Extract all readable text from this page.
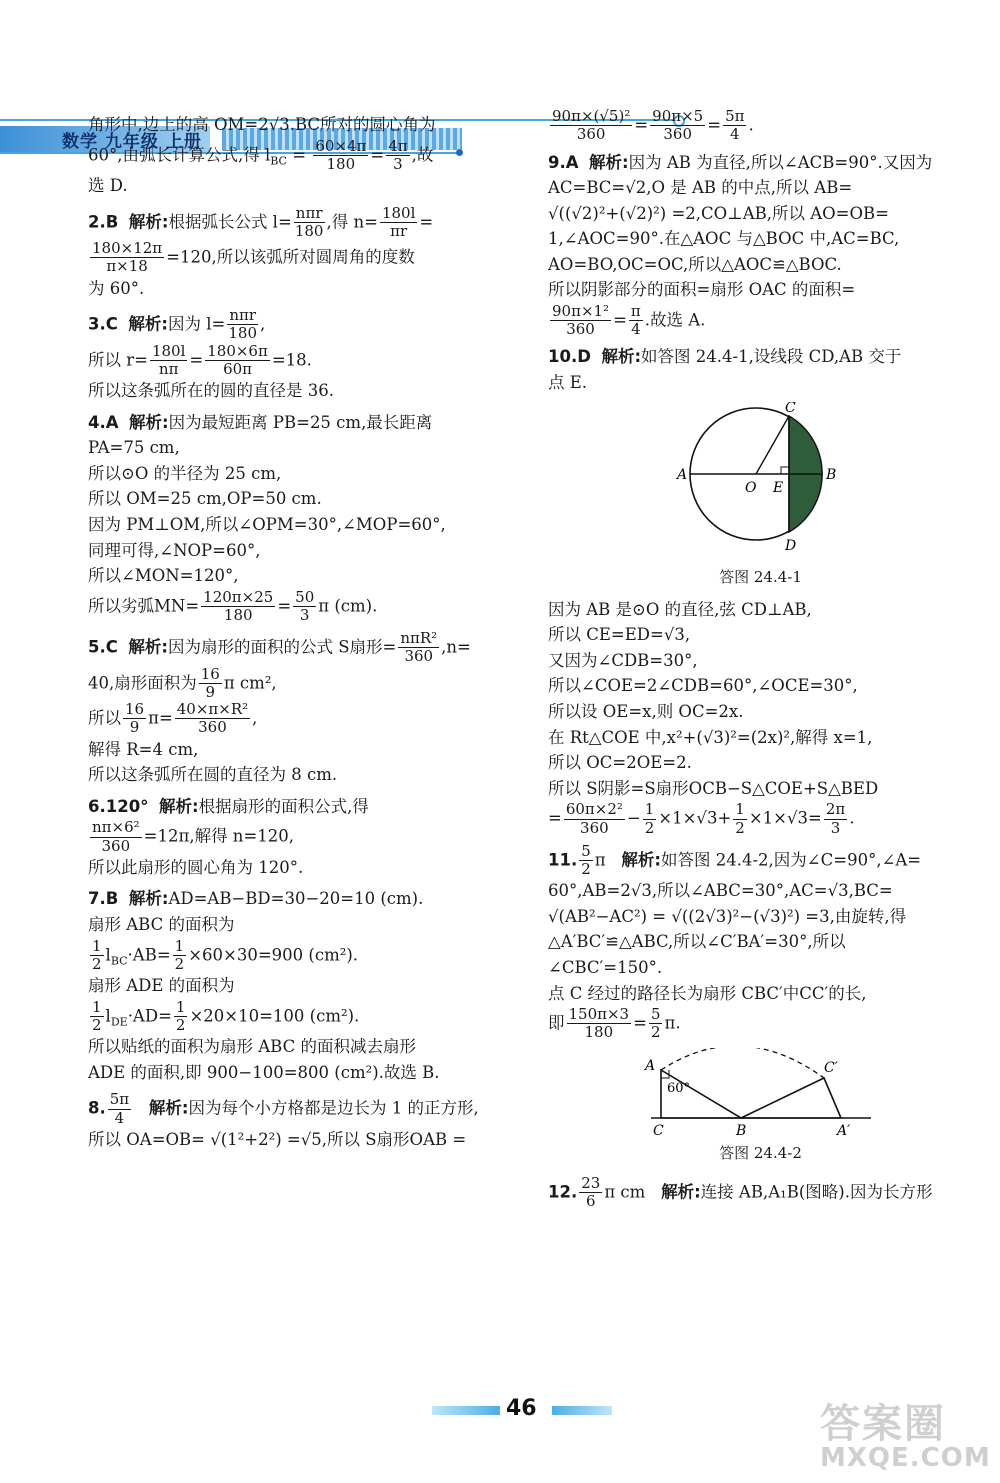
数学 九年级 上册

角形中,边上的高 OM=2√3.BC所对的圆心角为
60°,由弧长计算公式,得 $l_{BC} = \frac{60\times 4\pi}{180} = \frac{4\pi}{3}$ ,故
选 D.

2.B 解析:根据弧长公式 $l= \frac{\text{nπr}}{180}$ ,得 $n= \frac{180l}{\pi r}$ =

$\frac{180\times 12\pi}{\pi\times 18} =120$,所以该弧所对圆周角的度数
为 60°.

3.C 解析:因为 $l= \frac{\text{nπr}}{180}$ ,
所以 $r= \frac{180l}{n\pi} = \frac{180\times 6\pi}{60\pi} =18$.
所以这条弧所在的圆的直径是 36.

4.A 解析:因为最短距离 PB=25 cm,最长距离
PA=75 cm,
所以⊙O 的半径为 25 cm,
所以 OM=25 cm,OP=50 cm.
因为 PM⊥OM,所以∠OPM=30°,∠MOP=60°,
同理可得,∠NOP=60°,
所以∠MON=120°,
所以劣弧$MN= \frac{120\pi\times 25}{180} = \frac{50}{3}$ π (cm).

5.C 解析:因为扇形的面积的公式 S扇形= $\frac{\text{nπR²}}{360} ,n=$
40,扇形面积为 $\frac{16}{9}$ π cm²,
所以 $\frac{16}{9} \pi= \frac{\text{40×π×R²}}{360}$ ,
解得 R=4 cm,
所以这条弧所在圆的直径为 8 cm.

6.120° 解析:根据扇形的面积公式,得

$\frac{\text{nπ×6²}}{360} =12\pi$,解得 n=120,
所以此扇形的圆心角为 120°.

7.B 解析:AD=AB−BD=30−20=10 (cm).
扇形 ABC 的面积为

$\frac{1}{2} l_{BC}\cdot AB= \frac{1}{2} \times 60\times 30=900$ (cm²).
扇形 ADE 的面积为

$\frac{1}{2} l_{DE}\cdot AD= \frac{1}{2} \times 20\times 10=100$ (cm²).
所以贴纸的面积为扇形 ABC 的面积减去扇形
ADE 的面积,即 900−100=800 (cm²).故选 B.

8. $\frac{5\pi}{4}$ 解析:因为每个小方格都是边长为 1 的正方形,
所以 OA=OB= √(1²+2²) =√5,所以 S扇形OAB =

$\frac{\text{90π×(√5)²}}{360} = \frac{90\pi\times 5}{360} = \frac{5\pi}{4}$ .

9.A 解析:因为 AB 为直径,所以∠ACB=90°.又因为
AC=BC=√2,O 是 AB 的中点,所以 AB=
√((√2)²+(√2)²) =2,CO⊥AB,所以 AO=OB=
1,∠AOC=90°.在△AOC 与△BOC 中,AC=BC,
AO=BO,OC=OC,所以△AOC≌△BOC.
所以阴影部分的面积=扇形 OAC 的面积=

$\frac{\text{90π×1²}}{360} = \frac{\pi}{4}$ .故选 A.

10.D 解析:如答图 24.4-1,设线段 CD,AB 交于
点 E.

A	B
C
D
O E
答图 24.4-1

因为 AB 是⊙O 的直径,弦 CD⊥AB,
所以 CE=ED=√3,
又因为∠CDB=30°,
所以∠COE=2∠CDB=60°,∠OCE=30°,
所以设 OE=x,则 OC=2x.
在 Rt△COE 中,x²+(√3)²=(2x)²,解得 x=1,
所以 OC=2OE=2.
所以 S阴影=S扇形OCB−S△COE+S△BED
= $\frac{\text{60π×2²}}{360} - \frac{1}{2} \times 1\times√3+ \frac{1}{2} \times 1\times√3= \frac{2\pi}{3}$ .

11. $\frac{5}{2}$ π 解析:如答图 24.4-2,因为∠C=90°,∠A=
60°,AB=2√3,所以∠ABC=30°,AC=√3,BC=
√(AB²−AC²) = √((2√3)²−(√3)²) =3,由旋转,得
△A′BC′≌△ABC,所以∠C′BA′=30°,所以
∠CBC′=150°.
点 C 经过的路径长为扇形 CBC′中CC′的长,
即 $\frac{150\pi\times 3}{180} = \frac{5}{2} \pi$.

A
60°
C	B
C′
A′
答图 24.4-2

12. $\frac{23}{6}$ π cm 解析:连接 AB,A₁B(图略).因为长方形

46	答案圈
MXQE.COM
